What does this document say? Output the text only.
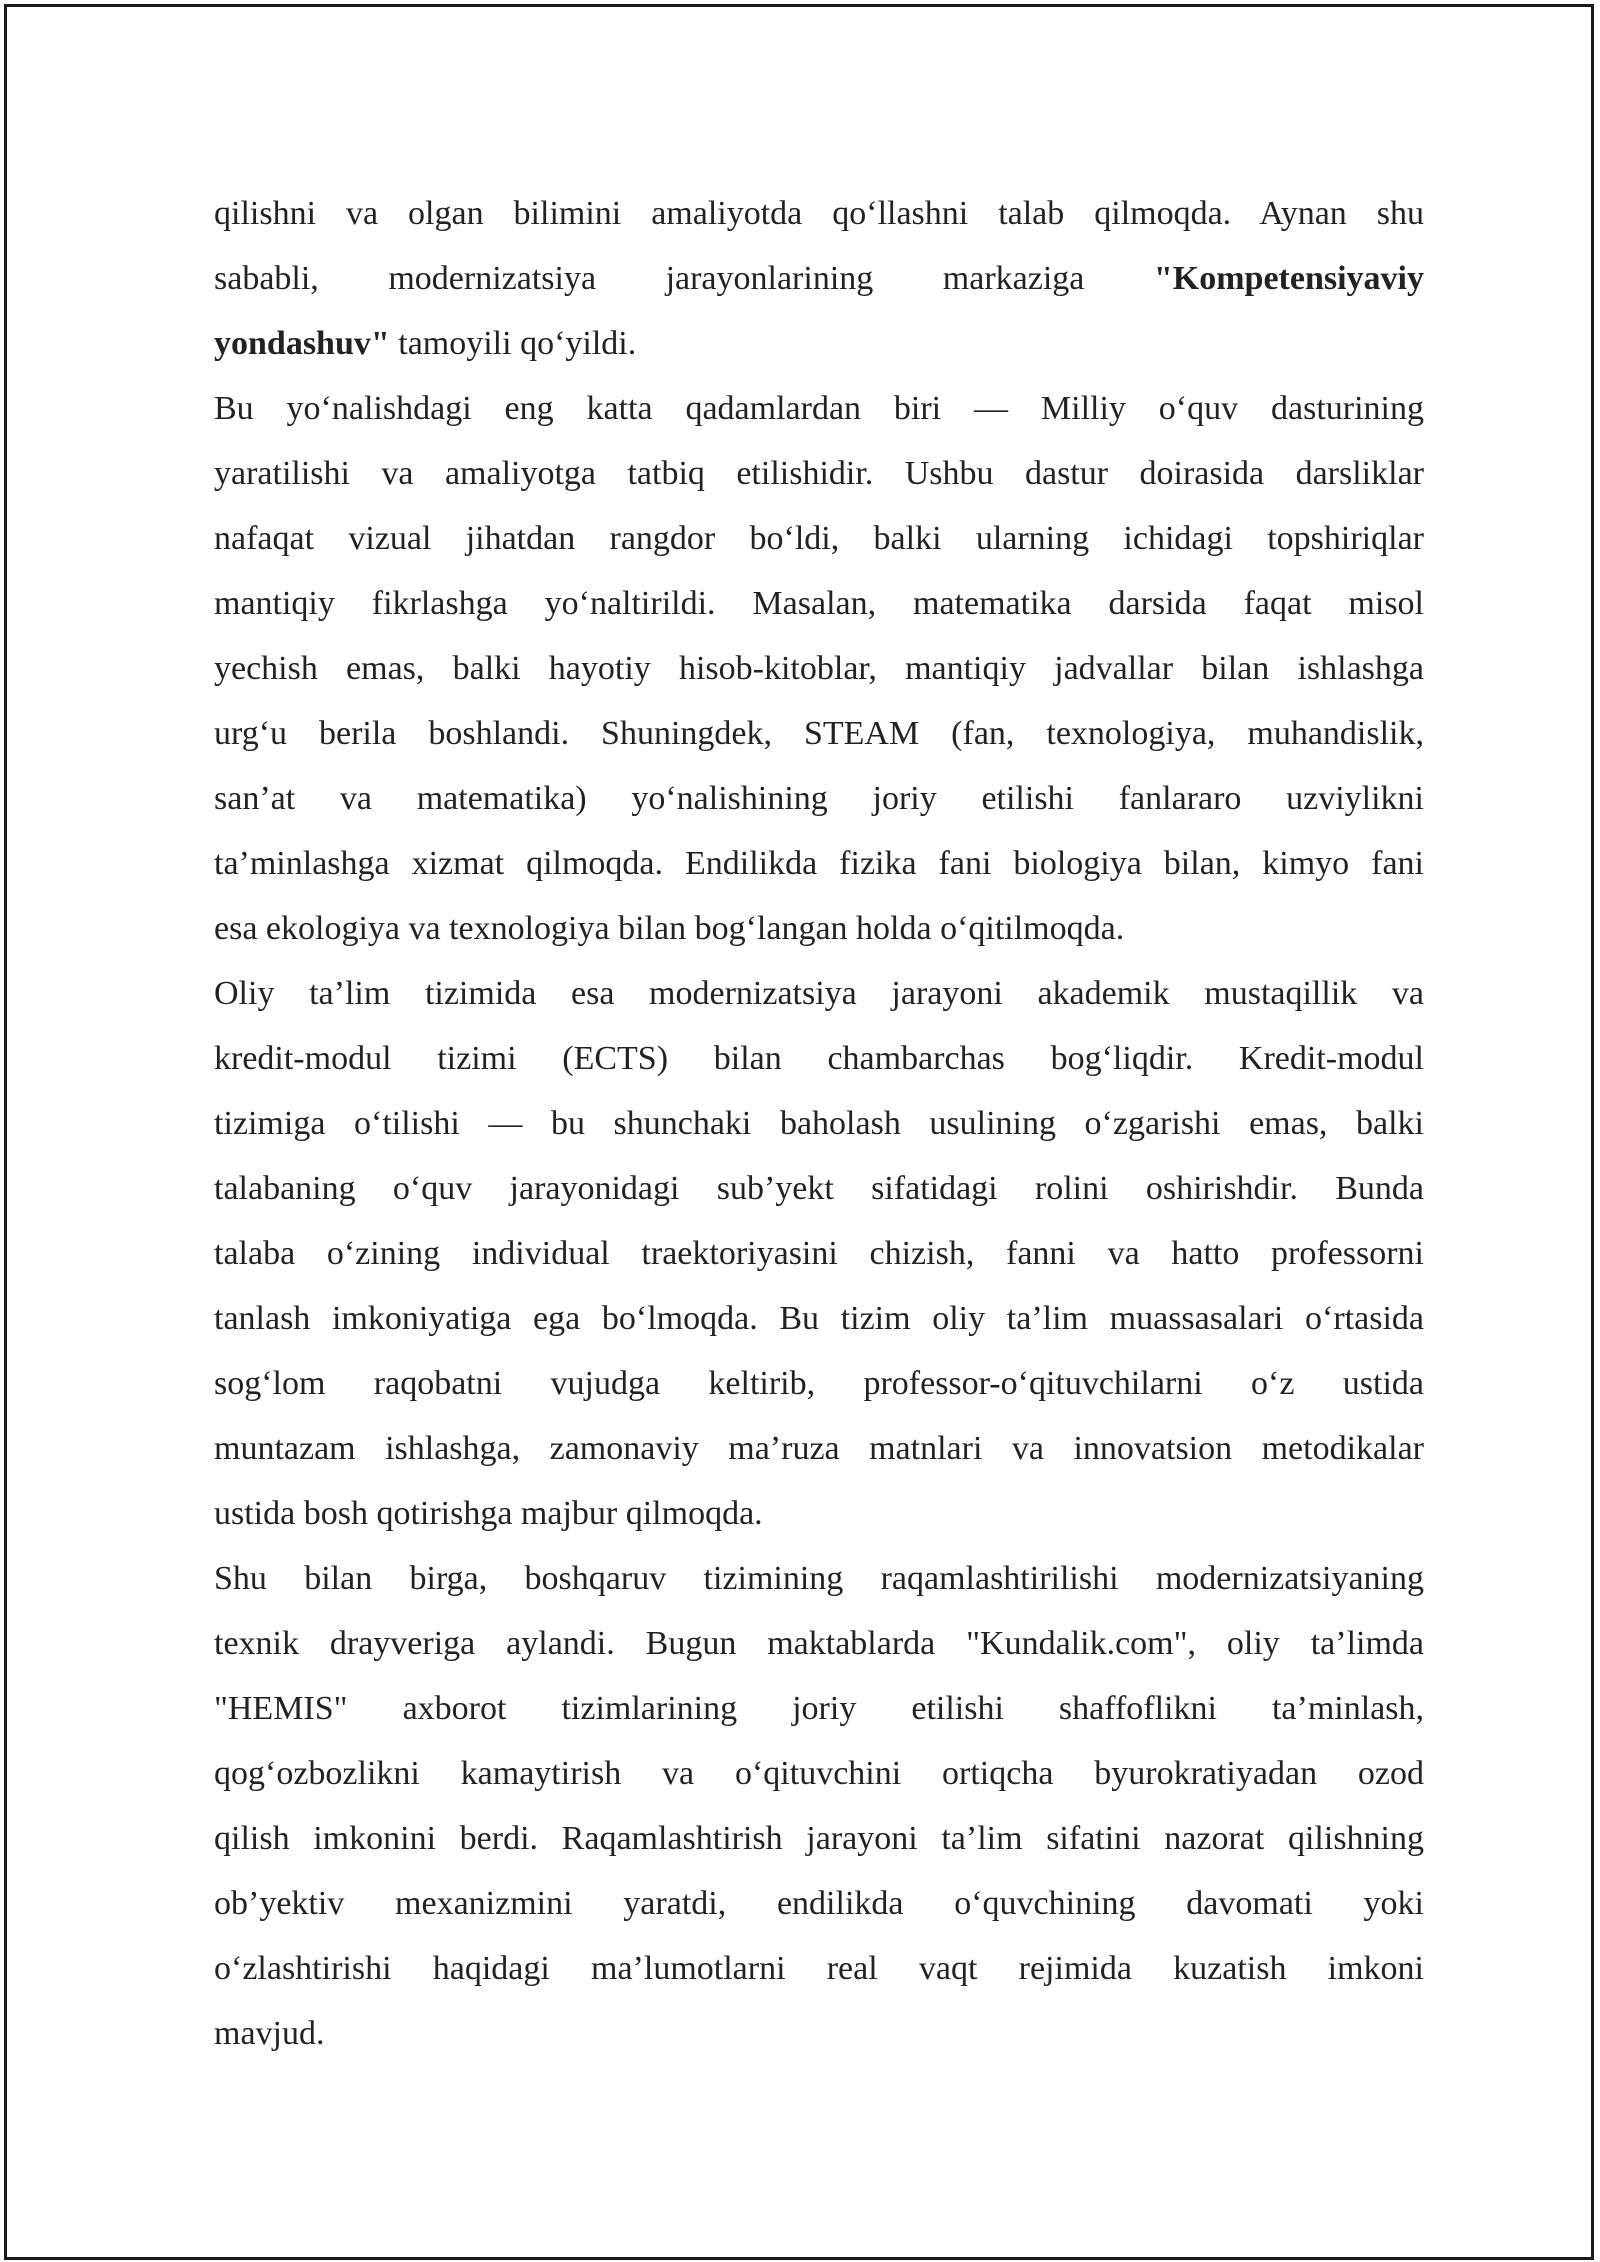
qilishni va olgan bilimini amaliyotda qo‘llashni talab qilmoqda. Aynan shu
sababli, modernizatsiya jarayonlarining markaziga "Kompetensiyaviy
yondashuv" tamoyili qo‘yildi.
Bu yo‘nalishdagi eng katta qadamlardan biri — Milliy o‘quv dasturining
yaratilishi va amaliyotga tatbiq etilishidir. Ushbu dastur doirasida darsliklar
nafaqat vizual jihatdan rangdor bo‘ldi, balki ularning ichidagi topshiriqlar
mantiqiy fikrlashga yo‘naltirildi. Masalan, matematika darsida faqat misol
yechish emas, balki hayotiy hisob-kitoblar, mantiqiy jadvallar bilan ishlashga
urg‘u berila boshlandi. Shuningdek, STEAM (fan, texnologiya, muhandislik,
san’at va matematika) yo‘nalishining joriy etilishi fanlararo uzviylikni
ta’minlashga xizmat qilmoqda. Endilikda fizika fani biologiya bilan, kimyo fani
esa ekologiya va texnologiya bilan bog‘langan holda o‘qitilmoqda.
Oliy ta’lim tizimida esa modernizatsiya jarayoni akademik mustaqillik va
kredit-modul tizimi (ECTS) bilan chambarchas bog‘liqdir. Kredit-modul
tizimiga o‘tilishi — bu shunchaki baholash usulining o‘zgarishi emas, balki
talabaning o‘quv jarayonidagi sub’yekt sifatidagi rolini oshirishdir. Bunda
talaba o‘zining individual traektoriyasini chizish, fanni va hatto professorni
tanlash imkoniyatiga ega bo‘lmoqda. Bu tizim oliy ta’lim muassasalari o‘rtasida
sog‘lom raqobatni vujudga keltirib, professor-o‘qituvchilarni o‘z ustida
muntazam ishlashga, zamonaviy ma’ruza matnlari va innovatsion metodikalar
ustida bosh qotirishga majbur qilmoqda.
Shu bilan birga, boshqaruv tizimining raqamlashtirilishi modernizatsiyaning
texnik drayveriga aylandi. Bugun maktablarda "Kundalik.com", oliy ta’limda
"HEMIS" axborot tizimlarining joriy etilishi shaffoflikni ta’minlash,
qog‘ozbozlikni kamaytirish va o‘qituvchini ortiqcha byurokratiyadan ozod
qilish imkonini berdi. Raqamlashtirish jarayoni ta’lim sifatini nazorat qilishning
ob’yektiv mexanizmini yaratdi, endilikda o‘quvchining davomati yoki
o‘zlashtirishi haqidagi ma’lumotlarni real vaqt rejimida kuzatish imkoni
mavjud.
